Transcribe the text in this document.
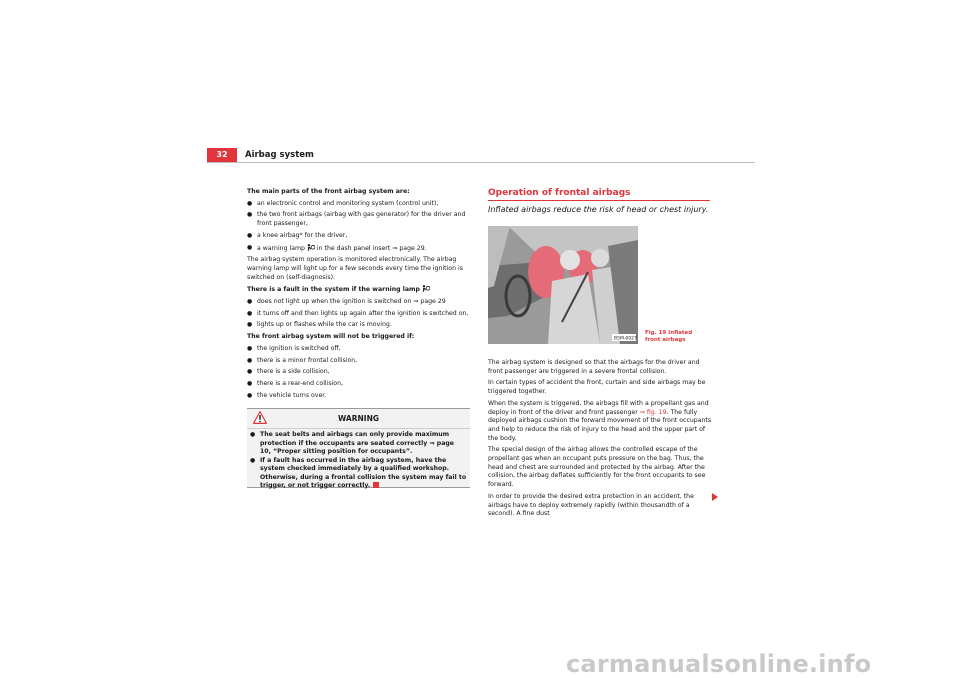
32	Airbag system

The main parts of the front airbag system are:

● an electronic control and monitoring system (control unit),

● the two front airbags (airbag with gas generator) for the driver and front passenger,

● a knee airbag* for the driver,

● a warning lamp in the dash panel insert ⇒ page 29.

The airbag system operation is monitored electronically. The airbag warning lamp will light up for a few seconds every time the ignition is switched on (self-diagnosis).

There is a fault in the system if the warning lamp

● does not light up when the ignition is switched on ⇒ page 29

● it turns off and then lights up again after the ignition is switched on,

● lights up or flashes while the car is moving.

The front airbag system will not be triggered if:

● the ignition is switched off,

● there is a minor frontal collision,

● there is a side collision,

● there is a rear-end collision,

● the vehicle turns over.

WARNING

● The seat belts and airbags can only provide maximum protection if the occupants are seated correctly ⇒ page 10, “Proper sitting position for occupants”.

● If a fault has occurred in the airbag system, have the system checked immediately by a qualified workshop. Otherwise, during a frontal collision the system may fail to trigger, or not trigger correctly.

Operation of frontal airbags
Inflated airbags reduce the risk of head or chest injury.
B5M-0027
Fig. 19 Inflated front airbags

The airbag system is designed so that the airbags for the driver and front passenger are triggered in a severe frontal collision.

In certain types of accident the front, curtain and side airbags may be triggered together.

When the system is triggered, the airbags fill with a propellant gas and deploy in front of the driver and front passenger ⇒ fig. 19. The fully deployed airbags cushion the forward movement of the front occupants and help to reduce the risk of injury to the head and the upper part of the body.

The special design of the airbag allows the controlled escape of the propellant gas when an occupant puts pressure on the bag. Thus, the head and chest are surrounded and protected by the airbag. After the collision, the airbag deflates sufficiently for the front occupants to see forward.

In order to provide the desired extra protection in an accident, the airbags have to deploy extremely rapidly (within thousandth of a second). A fine dust

carmanualsonline.info
